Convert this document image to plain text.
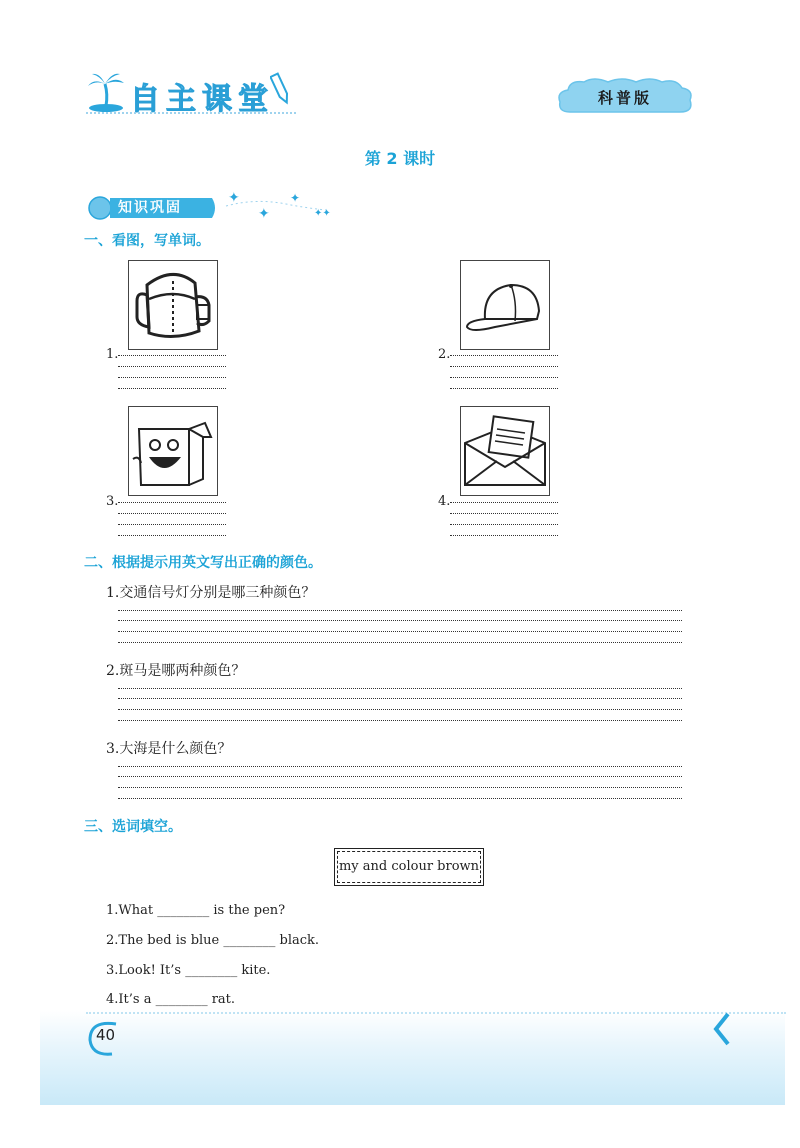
自主课堂	科普版
第 2 课时
✦
✦
✦
✦✦
知识巩固
一、看图，写单词。
1.	2.
3.	4.
二、根据提示用英文写出正确的颜色。
1.交通信号灯分别是哪三种颜色？
2.斑马是哪两种颜色？
3.大海是什么颜色？
三、选词填空。
my and colour brown
1.What ________ is the pen?
2.The bed is blue ________ black.
3.Look! It’s ________ kite.
4.It’s a ________ rat.
40
